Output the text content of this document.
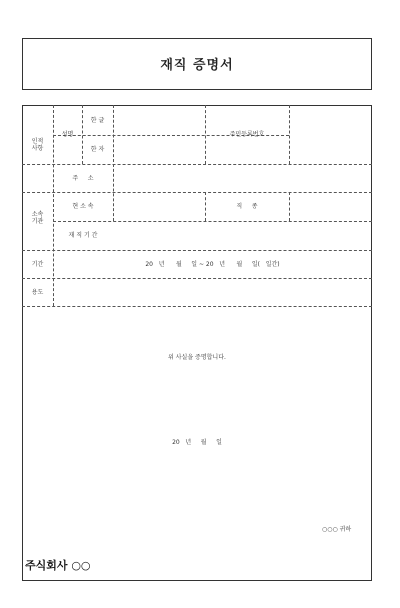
재직 증명서
인적
사항
성명
한 글
한 자
주민등록번호
주     소
소속
기관
현 소 속	직     종
재 직 기 간
기간	20   년      월     일 ~ 20   년      월     일(   일간)
용도
위 사실을 증명합니다.
20   년     월     일
○○○ 귀하
주식회사 ○○
